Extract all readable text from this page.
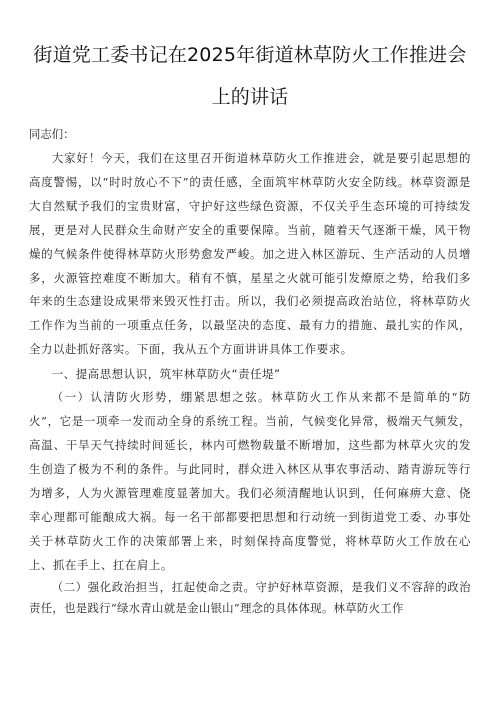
街道党工委书记在2025年街道林草防火工作推进会上的讲话

同志们：

大家好！今天，我们在这里召开街道林草防火工作推进会，就是要引起思想的高度警惕，以“时时放心不下”的责任感，全面筑牢林草防火安全防线。林草资源是大自然赋予我们的宝贵财富，守护好这些绿色资源，不仅关乎生态环境的可持续发展，更是对人民群众生命财产安全的重要保障。当前，随着天气逐渐干燥，风干物燥的气候条件使得林草防火形势愈发严峻。加之进入林区游玩、生产活动的人员增多，火源管控难度不断加大。稍有不慎，星星之火就可能引发燎原之势，给我们多年来的生态建设成果带来毁灭性打击。所以，我们必须提高政治站位，将林草防火工作作为当前的一项重点任务，以最坚决的态度、最有力的措施、最扎实的作风，全力以赴抓好落实。下面，我从五个方面讲讲具体工作要求。

一、提高思想认识，筑牢林草防火“责任堤”

（一）认清防火形势，绷紧思想之弦。林草防火工作从来都不是简单的“防火”，它是一项牵一发而动全身的系统工程。当前，气候变化异常，极端天气频发，高温、干旱天气持续时间延长，林内可燃物载量不断增加，这些都为林草火灾的发生创造了极为不利的条件。与此同时，群众进入林区从事农事活动、踏青游玩等行为增多，人为火源管理难度显著加大。我们必须清醒地认识到，任何麻痹大意、侥幸心理都可能酿成大祸。每一名干部都要把思想和行动统一到街道党工委、办事处关于林草防火工作的决策部署上来，时刻保持高度警觉，将林草防火工作放在心上、抓在手上、扛在肩上。

（二）强化政治担当，扛起使命之责。守护好林草资源，是我们义不容辞的政治责任，也是践行“绿水青山就是金山银山”理念的具体体现。林草防火工作
